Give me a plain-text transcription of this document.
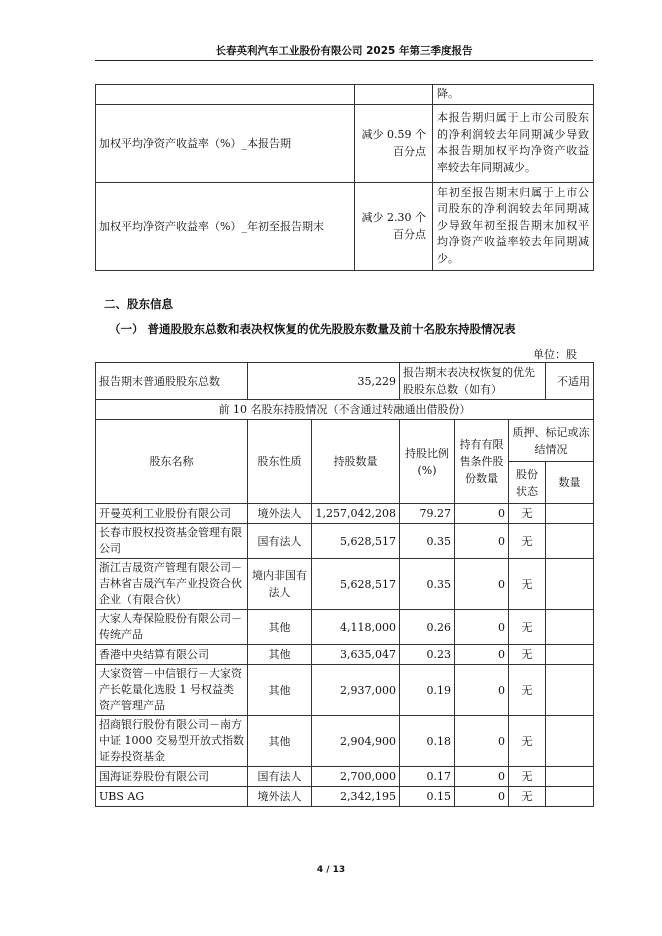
长春英利汽车工业股份有限公司 2025 年第三季度报告
		降。
加权平均净资产收益率（%）_本报告期	减少 0.59 个百分点	本报告期归属于上市公司股东的净利润较去年同期减少导致本报告期加权平均净资产收益率较去年同期减少。
加权平均净资产收益率（%）_年初至报告期末	减少 2.30 个百分点	年初至报告期末归属于上市公司股东的净利润较去年同期减少导致年初至报告期末加权平均净资产收益率较去年同期减少。
二、股东信息
（一） 普通股股东总数和表决权恢复的优先股股东数量及前十名股东持股情况表
单位：股
报告期末普通股股东总数	35,229		报告期末表决权恢复的优先股股东总数（如有）			不适用
前 10 名股东持股情况（不含通过转融通出借股份）						
股东名称	股东性质	持股数量	持股比例(%)	持有有限售条件股份数量	质押、标记或冻结情况	
					股份状态	数量
开曼英利工业股份有限公司	境外法人	1,257,042,208	79.27	0	无	
长春市股权投资基金管理有限公司	国有法人	5,628,517	0.35	0	无	
浙江吉晟资产管理有限公司－吉林省吉晟汽车产业投资合伙企业（有限合伙）	境内非国有法人	5,628,517	0.35	0	无	
大家人寿保险股份有限公司－传统产品	其他	4,118,000	0.26	0	无	
香港中央结算有限公司	其他	3,635,047	0.23	0	无	
大家资管－中信银行－大家资产长乾量化选股 1 号权益类资产管理产品	其他	2,937,000	0.19	0	无	
招商银行股份有限公司－南方中证 1000 交易型开放式指数证券投资基金	其他	2,904,900	0.18	0	无	
国海证券股份有限公司	国有法人	2,700,000	0.17	0	无	
UBS AG	境外法人	2,342,195	0.15	0	无	
4 / 13
